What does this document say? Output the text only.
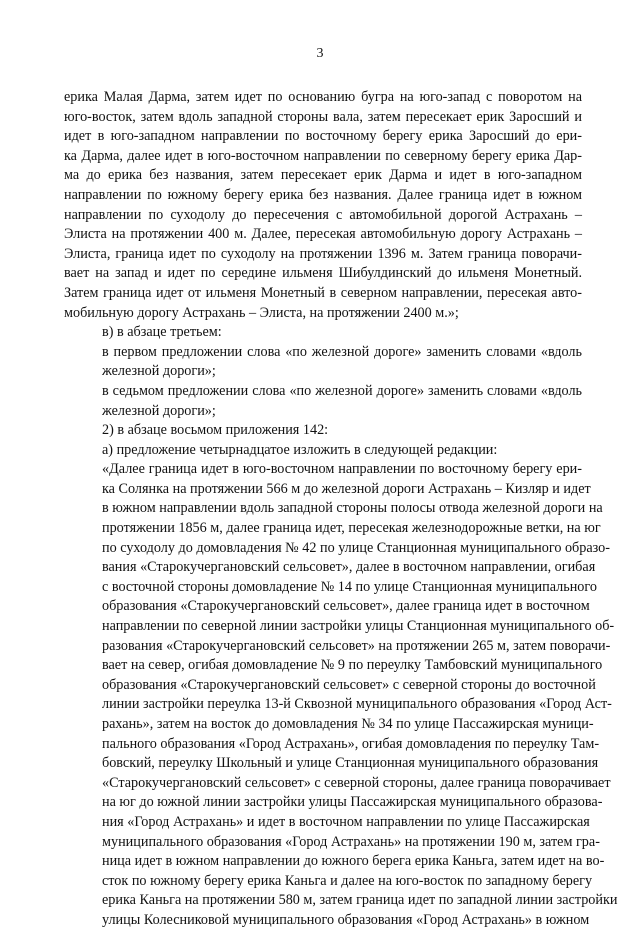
3

ерика Малая Дарма, затем идет по основанию бугра на юго-запад с поворотом на
юго-восток, затем вдоль западной стороны вала, затем пересекает ерик Заросший и
идет в юго-западном направлении по восточному берегу ерика Заросший до ери-
ка Дарма, далее идет в юго-восточном направлении по северному берегу ерика Дар-
ма до ерика без названия, затем пересекает ерик Дарма и идет в юго-западном
направлении по южному берегу ерика без названия. Далее граница идет в южном
направлении по суходолу до пересечения с автомобильной дорогой Астрахань –
Элиста на протяжении 400 м. Далее, пересекая автомобильную дорогу Астрахань –
Элиста, граница идет по суходолу на протяжении 1396 м. Затем граница поворачи-
вает на запад и идет по середине ильменя Шибулдинский до ильменя Монетный.
Затем граница идет от ильменя Монетный в северном направлении, пересекая авто-
мобильную дорогу Астрахань – Элиста, на протяжении 2400 м.»;

в) в абзаце третьем:

в первом предложении слова «по железной дороге» заменить словами «вдоль
железной дороги»;

в седьмом предложении слова «по железной дороге» заменить словами «вдоль
железной дороги»;

2) в абзаце восьмом приложения 142:

а) предложение четырнадцатое изложить в следующей редакции:

«Далее граница идет в юго-восточном направлении по восточному берегу ери-
ка Солянка на протяжении 566 м до железной дороги Астрахань – Кизляр и идет
в южном направлении вдоль западной стороны полосы отвода железной дороги на
протяжении 1856 м, далее граница идет, пересекая железнодорожные ветки, на юг
по суходолу до домовладения № 42 по улице Станционная муниципального образо-
вания «Старокучергановский сельсовет», далее в восточном направлении, огибая
с восточной стороны домовладение № 14 по улице Станционная муниципального
образования «Старокучергановский сельсовет», далее граница идет в восточном
направлении по северной линии застройки улицы Станционная муниципального об-
разования «Старокучергановский сельсовет» на протяжении 265 м, затем поворачи-
вает на север, огибая домовладение № 9 по переулку Тамбовский муниципального
образования «Старокучергановский сельсовет» с северной стороны до восточной
линии застройки переулка 13-й Сквозной муниципального образования «Город Аст-
рахань», затем на восток до домовладения № 34 по улице Пассажирская муници-
пального образования «Город Астрахань», огибая домовладения по переулку Там-
бовский, переулку Школьный и улице Станционная муниципального образования
«Старокучергановский сельсовет» с северной стороны, далее граница поворачивает
на юг до южной линии застройки улицы Пассажирская муниципального образова-
ния «Город Астрахань» и идет в восточном направлении по улице Пассажирская
муниципального образования «Город Астрахань» на протяжении 190 м, затем гра-
ница идет в южном направлении до южного берега ерика Каньга, затем идет на во-
сток по южному берегу ерика Каньга и далее на юго-восток по западному берегу
ерика Каньга на протяжении 580 м, затем граница идет по западной линии застройки
улицы Колесниковой муниципального образования «Город Астрахань» в южном
